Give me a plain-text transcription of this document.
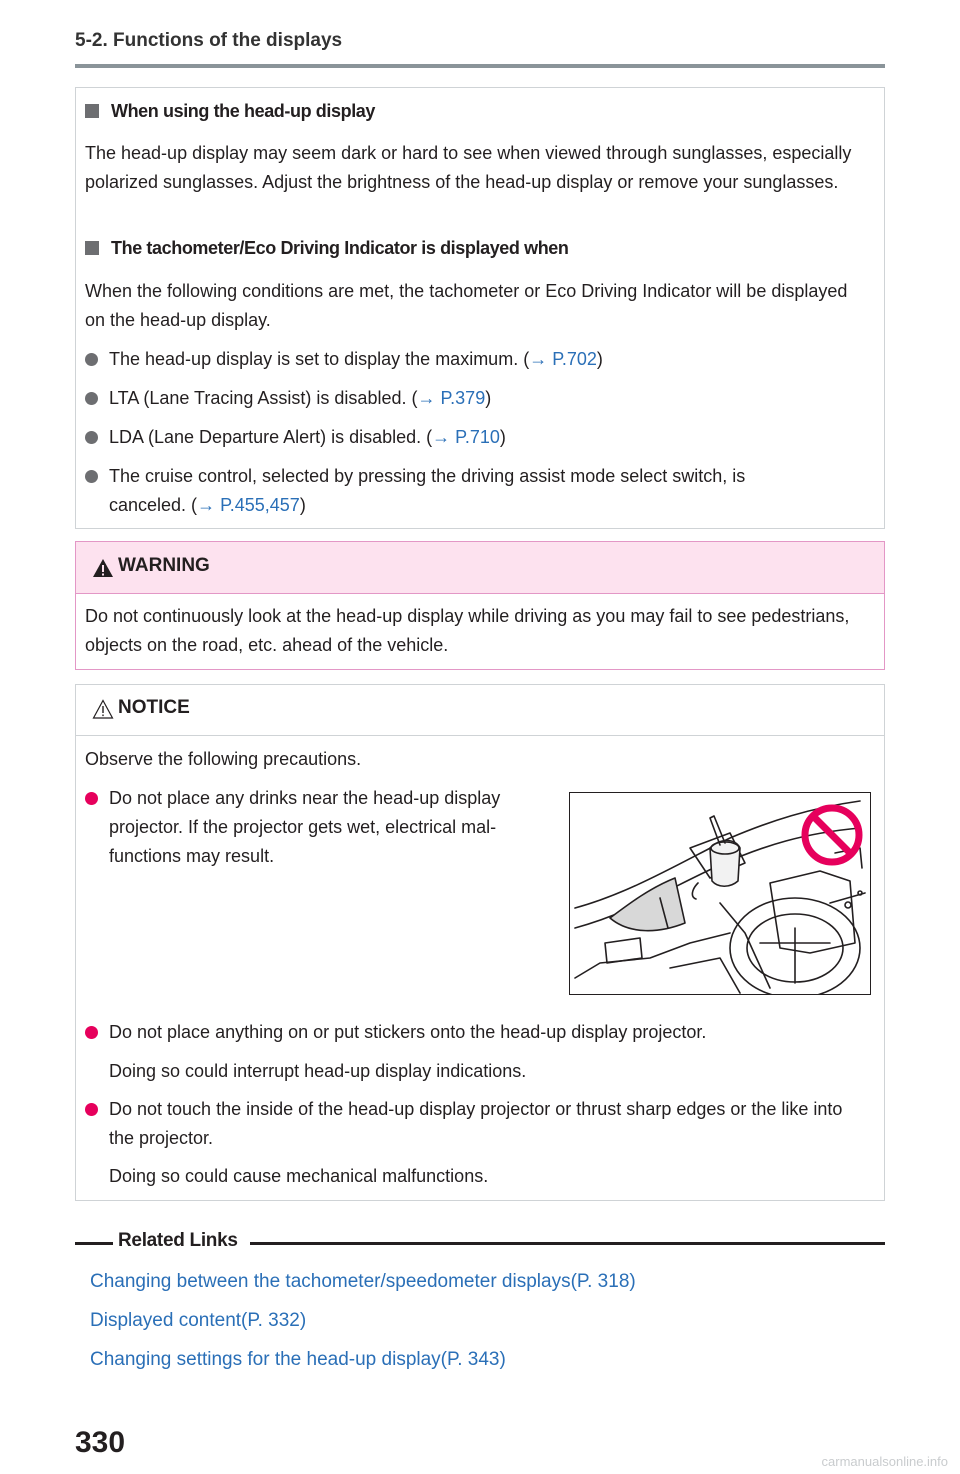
5-2. Functions of the displays
When using the head-up display
The head-up display may seem dark or hard to see when viewed through sunglasses, especially polarized sunglasses. Adjust the brightness of the head-up display or remove your sunglasses.
The tachometer/Eco Driving Indicator is displayed when
When the following conditions are met, the tachometer or Eco Driving Indicator will be displayed on the head-up display.
The head-up display is set to display the maximum. (→ P.702)
LTA (Lane Tracing Assist) is disabled. (→ P.379)
LDA (Lane Departure Alert) is disabled. (→ P.710)
The cruise control, selected by pressing the driving assist mode select switch, is canceled. (→ P.455,457)
WARNING
Do not continuously look at the head-up display while driving as you may fail to see pedestrians, objects on the road, etc. ahead of the vehicle.
NOTICE
Observe the following precautions.
Do not place any drinks near the head-up display projector. If the projector gets wet, electrical mal-functions may result.
Do not place anything on or put stickers onto the head-up display projector.
Doing so could interrupt head-up display indications.
Do not touch the inside of the head-up display projector or thrust sharp edges or the like into the projector.
Doing so could cause mechanical malfunctions.
Related Links
Changing between the tachometer/speedometer displays(P. 318)
Displayed content(P. 332)
Changing settings for the head-up display(P. 343)
330
carmanualsonline.info
